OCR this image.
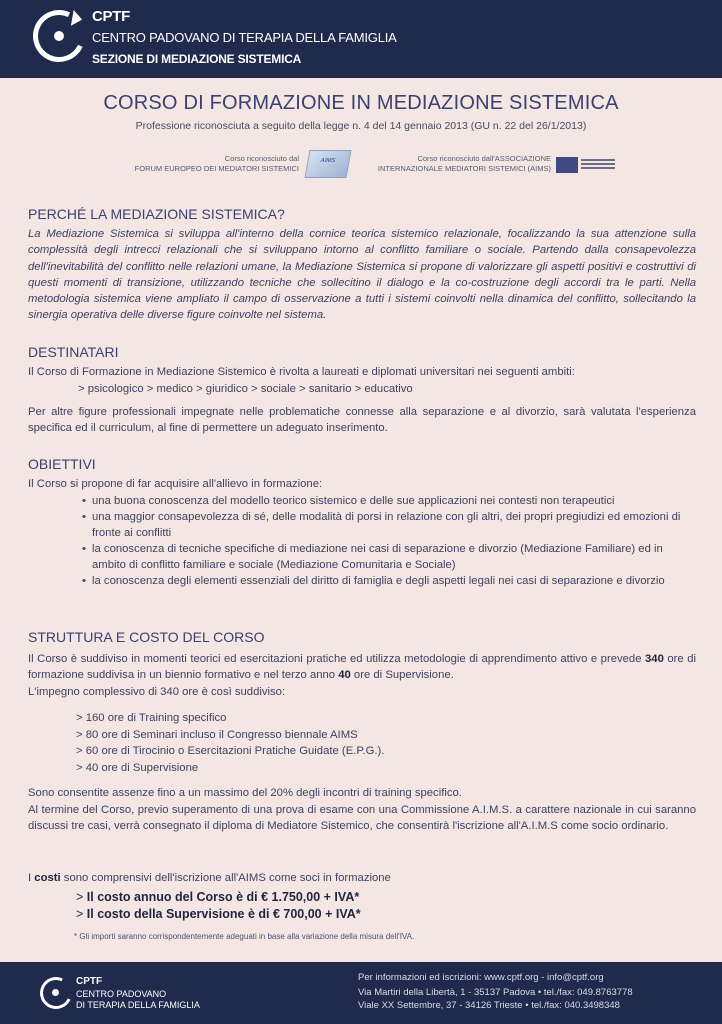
CPTF
CENTRO PADOVANO DI TERAPIA DELLA FAMIGLIA
SEZIONE DI MEDIAZIONE SISTEMICA
CORSO DI FORMAZIONE IN MEDIAZIONE SISTEMICA
Professione riconosciuta a seguito della legge n. 4 del 14 gennaio 2013 (GU n. 22 del 26/1/2013)
Corso riconosciuto dal
FORUM EUROPEO DEI MEDIATORI SISTEMICI
AIMS	Corso riconosciuto dall'ASSOCIAZIONE
INTERNAZIONALE MEDIATORI SISTEMICI (AIMS)
PERCHÉ LA MEDIAZIONE SISTEMICA?
La Mediazione Sistemica si sviluppa all'interno della cornice teorica sistemico relazionale, focalizzando la sua attenzione sulla complessità degli intrecci relazionali che si sviluppano intorno al conflitto familiare o sociale. Partendo dalla consapevolezza dell'inevitabilità del conflitto nelle relazioni umane, la Mediazione Sistemica si propone di valorizzare gli aspetti positivi e costruttivi di questi momenti di transizione, utilizzando tecniche che sollecitino il dialogo e la co-costruzione degli accordi tra le parti. Nella metodologia sistemica viene ampliato il campo di osservazione a tutti i sistemi coinvolti nella dinamica del conflitto, sollecitando la sinergia operativa delle diverse figure coinvolte nel sistema.
DESTINATARI
Il Corso di Formazione in Mediazione Sistemico è rivolta a laureati e diplomati universitari nei seguenti ambiti:
> psicologico > medico > giuridico > sociale > sanitario > educativo
Per altre figure professionali impegnate nelle problematiche connesse alla separazione e al divorzio, sarà valutata l'esperienza specifica ed il curriculum, al fine di permettere un adeguato inserimento.
OBIETTIVI
Il Corso si propone di far acquisire all'allievo in formazione:
• una buona conoscenza del modello teorico sistemico e delle sue applicazioni nei contesti non terapeutici
• una maggior consapevolezza di sé, delle modalità di porsi in relazione con gli altri, dei propri pregiudizi ed emozioni di fronte ai conflitti
• la conoscenza di tecniche specifiche di mediazione nei casi di separazione e divorzio (Mediazione Familiare) ed in ambito di conflitto familiare e sociale (Mediazione Comunitaria e Sociale)
• la conoscenza degli elementi essenziali del diritto di famiglia e degli aspetti legali nei casi di separazione e divorzio
STRUTTURA E COSTO DEL CORSO
Il Corso è suddiviso in momenti teorici ed esercitazioni pratiche ed utilizza metodologie di apprendimento attivo e prevede 340 ore di formazione suddivisa in un biennio formativo e nel terzo anno 40 ore di Supervisione.
L'impegno complessivo di 340 ore è così suddiviso:
> 160 ore di Training specifico
> 80 ore di Seminari incluso il Congresso biennale AIMS
> 60 ore di Tirocinio o Esercitazioni Pratiche Guidate (E.P.G.).
> 40 ore di Supervisione
Sono consentite assenze fino a un massimo del 20% degli incontri di training specifico.
Al termine del Corso, previo superamento di una prova di esame con una Commissione A.I.M.S. a carattere nazionale in cui saranno discussi tre casi, verrà consegnato il diploma di Mediatore Sistemico, che consentirà l'iscrizione all'A.I.M.S come socio ordinario.
I costi sono comprensivi dell'iscrizione all'AIMS come soci in formazione
> Il costo annuo del Corso è di € 1.750,00 + IVA*
> Il costo della Supervisione è di € 700,00 + IVA*
* Gli importi saranno corrispondentemente adeguati in base alla variazione della misura dell'IVA.
CPTF
CENTRO PADOVANO
DI TERAPIA DELLA FAMIGLIA
Per informazioni ed iscrizioni: www.cptf.org - info@cptf.org
Via Martiri della Libertà, 1 - 35137 Padova • tel./fax: 049.8763778
Viale XX Settembre, 37 - 34126 Trieste • tel./fax: 040.3498348
